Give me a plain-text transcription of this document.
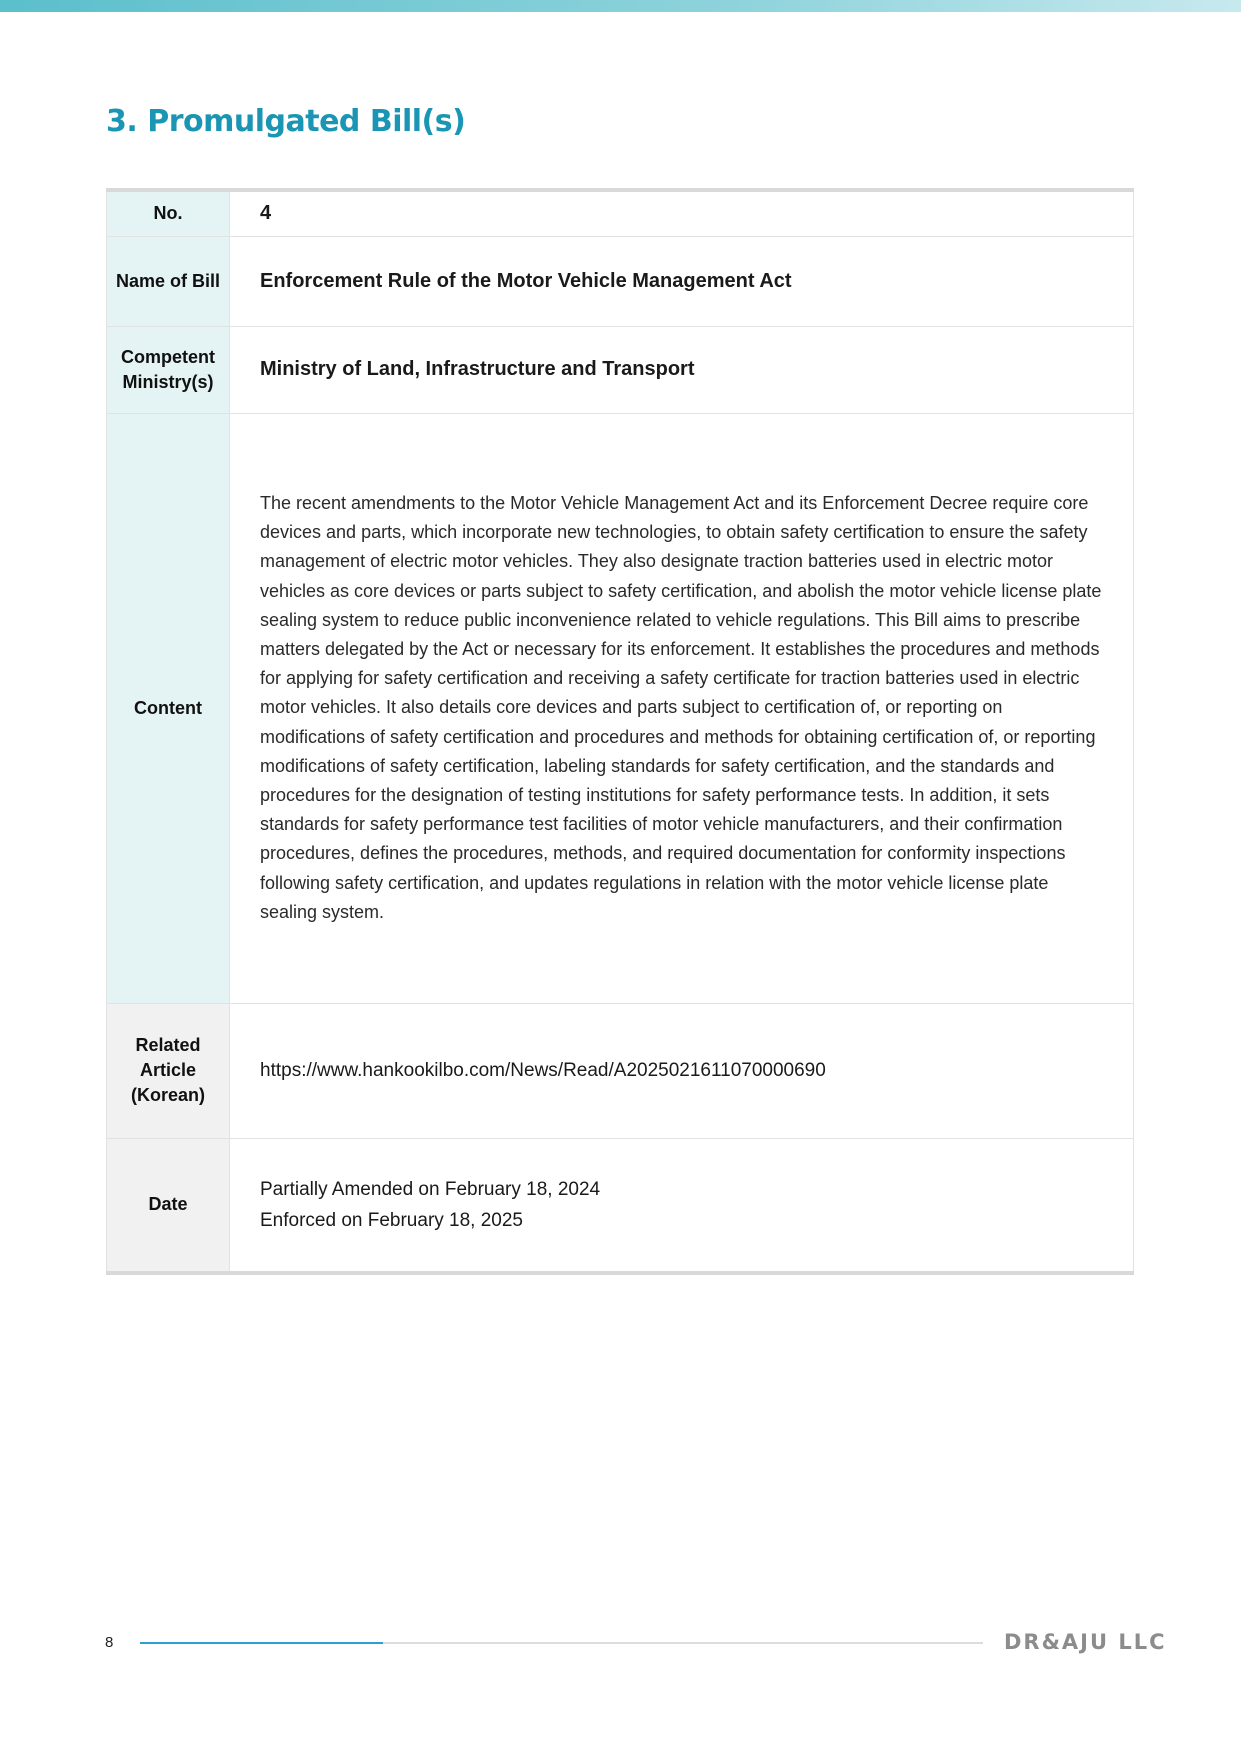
3. Promulgated Bill(s)
No.	4
Name of Bill	Enforcement Rule of the Motor Vehicle Management Act
Competent Ministry(s)	Ministry of Land, Infrastructure and Transport
Content	The recent amendments to the Motor Vehicle Management Act and its Enforcement Decree require core devices and parts, which incorporate new technologies, to obtain safety certification to ensure the safety management of electric motor vehicles. They also designate traction batteries used in electric motor vehicles as core devices or parts subject to safety certification, and abolish the motor vehicle license plate sealing system to reduce public inconvenience related to vehicle regulations. This Bill aims to prescribe matters delegated by the Act or necessary for its enforcement. It establishes the procedures and methods for applying for safety certification and receiving a safety certificate for traction batteries used in electric motor vehicles. It also details core devices and parts subject to certification of, or reporting on modifications of safety certification and procedures and methods for obtaining certification of, or reporting modifications of safety certification, labeling standards for safety certification, and the standards and procedures for the designation of testing institutions for safety performance tests. In addition, it sets standards for safety performance test facilities of motor vehicle manufacturers, and their confirmation procedures, defines the procedures, methods, and required documentation for conformity inspections following safety certification, and updates regulations in relation with the motor vehicle license plate sealing system.
Related Article (Korean)	https://www.hankookilbo.com/News/Read/A2025021611070000690
Date	Partially Amended on February 18, 2024
Enforced on February 18, 2025
8	DR&AJU LLC
